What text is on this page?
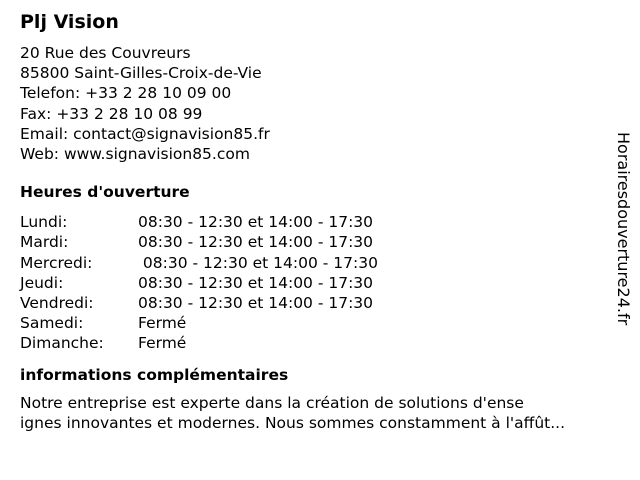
Plj Vision
20 Rue des Couvreurs
85800 Saint-Gilles-Croix-de-Vie
Telefon: +33 2 28 10 09 00
Fax: +33 2 28 10 08 99
Email: contact@signavision85.fr
Web: www.signavision85.com
Heures d'ouverture
Lundi:	08:30 - 12:30 et 14:00 - 17:30
Mardi:	08:30 - 12:30 et 14:00 - 17:30
Mercredi:	08:30 - 12:30 et 14:00 - 17:30
Jeudi:	08:30 - 12:30 et 14:00 - 17:30
Vendredi:	08:30 - 12:30 et 14:00 - 17:30
Samedi:	Fermé
Dimanche:	Fermé
informations complémentaires
Notre entreprise est experte dans la création de solutions d'ense
ignes innovantes et modernes. Nous sommes constamment à l'affût...
Horairesdouverture24.fr
